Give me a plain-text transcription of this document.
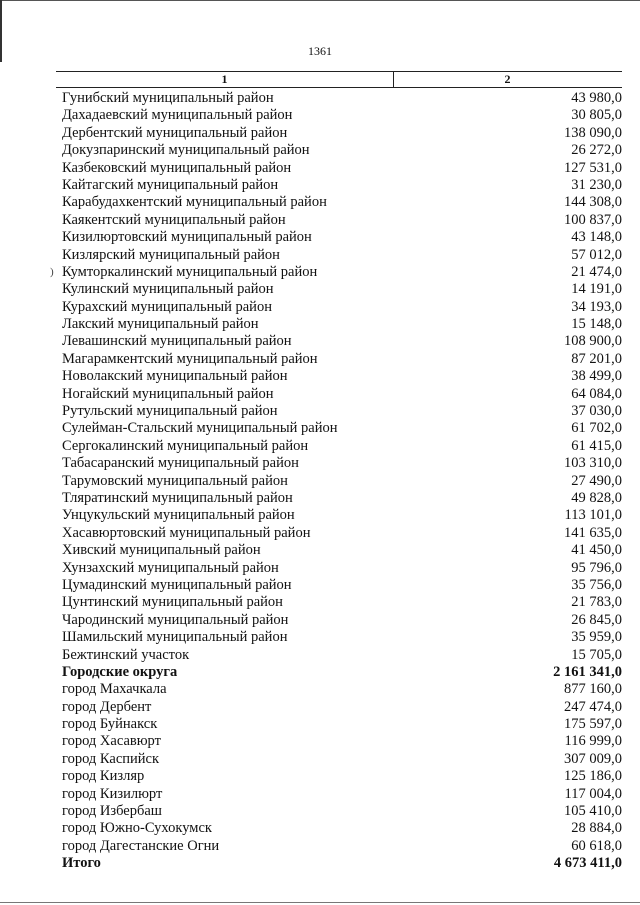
1361
1	2
Гунибский муниципальный район	43 980,0
Дахадаевский муниципальный район	30 805,0
Дербентский муниципальный район	138 090,0
Докузпаринский муниципальный район	26 272,0
Казбековский муниципальный район	127 531,0
Кайтагский муниципальный район	31 230,0
Карабудахкентский муниципальный район	144 308,0
Каякентский муниципальный район	100 837,0
Кизилюртовский муниципальный район	43 148,0
Кизлярский муниципальный район	57 012,0
Кумторкалинский муниципальный район	21 474,0
)
Кулинский муниципальный район	14 191,0
Курахский муниципальный район	34 193,0
Лакский муниципальный район	15 148,0
Левашинский муниципальный район	108 900,0
Магарамкентский муниципальный район	87 201,0
Новолакский муниципальный район	38 499,0
Ногайский муниципальный район	64 084,0
Рутульский муниципальный район	37 030,0
Сулейман-Стальский муниципальный район	61 702,0
Сергокалинский муниципальный район	61 415,0
Табасаранский муниципальный район	103 310,0
Тарумовский муниципальный район	27 490,0
Тляратинский муниципальный район	49 828,0
Унцукульский муниципальный район	113 101,0
Хасавюртовский муниципальный район	141 635,0
Хивский муниципальный район	41 450,0
Хунзахский муниципальный район	95 796,0
Цумадинский муниципальный район	35 756,0
Цунтинский муниципальный район	21 783,0
Чародинский муниципальный район	26 845,0
Шамильский муниципальный район	35 959,0
Бежтинский участок	15 705,0
Городские округа	2 161 341,0
город Махачкала	877 160,0
город Дербент	247 474,0
город Буйнакск	175 597,0
город Хасавюрт	116 999,0
город Каспийск	307 009,0
город Кизляр	125 186,0
город Кизилюрт	117 004,0
город Избербаш	105 410,0
город Южно-Сухокумск	28 884,0
город Дагестанские Огни	60 618,0
Итого	4 673 411,0
